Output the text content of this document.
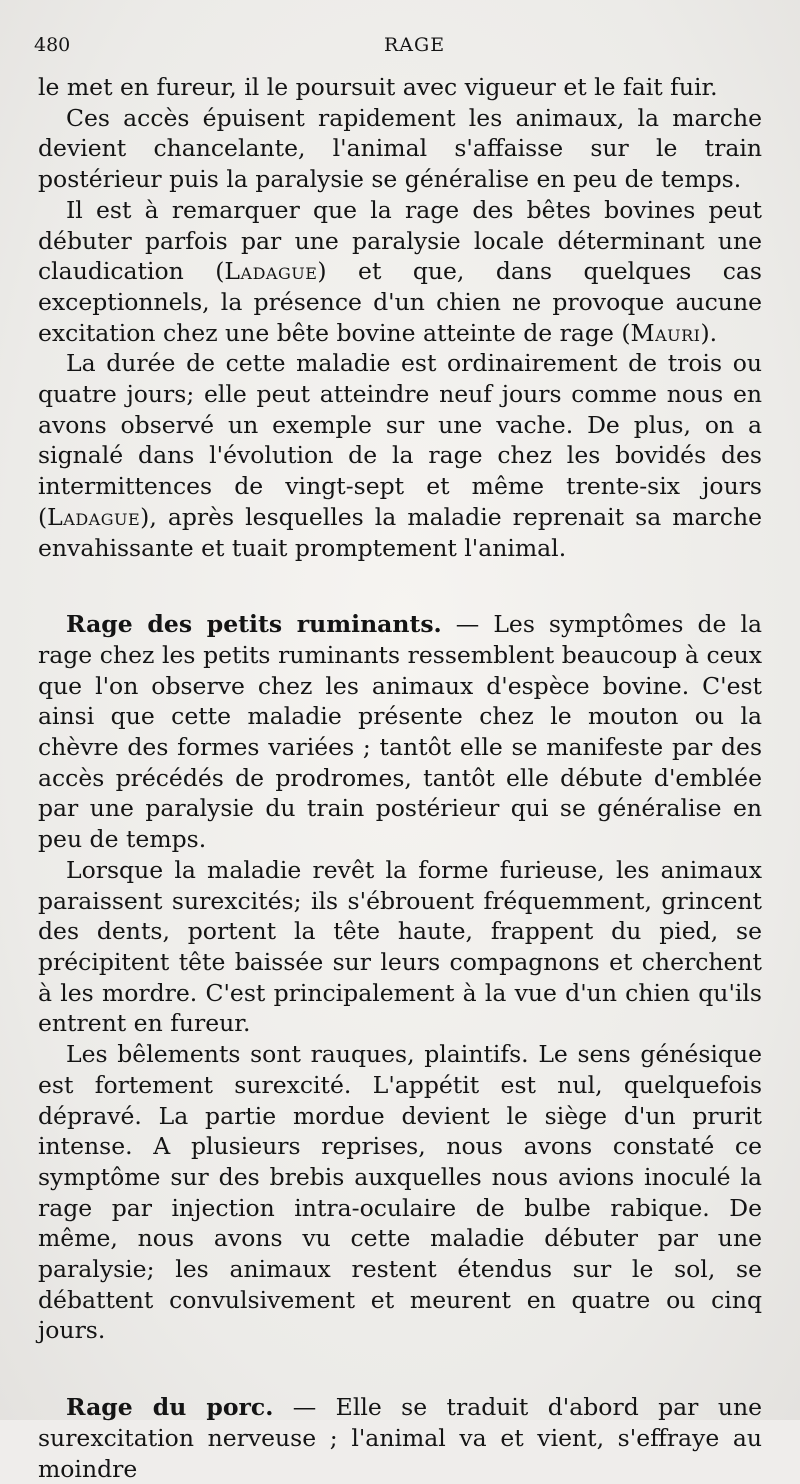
480	RAGE

le met en fureur, il le poursuit avec vigueur et le fait fuir.

Ces accès épuisent rapidement les animaux, la marche devient chancelante, l'animal s'affaisse sur le train postérieur puis la paralysie se généralise en peu de temps.

Il est à remarquer que la rage des bêtes bovines peut débuter parfois par une paralysie locale déterminant une claudication (Ladague) et que, dans quelques cas exceptionnels, la présence d'un chien ne provoque aucune excitation chez une bête bovine atteinte de rage (Mauri).

La durée de cette maladie est ordinairement de trois ou quatre jours; elle peut atteindre neuf jours comme nous en avons observé un exemple sur une vache. De plus, on a signalé dans l'évolution de la rage chez les bovidés des intermittences de vingt-sept et même trente-six jours (Ladague), après lesquelles la maladie reprenait sa marche envahissante et tuait promptement l'animal.

Rage des petits ruminants. — Les symptômes de la rage chez les petits ruminants ressemblent beaucoup à ceux que l'on observe chez les animaux d'espèce bovine. C'est ainsi que cette maladie présente chez le mouton ou la chèvre des formes variées ; tantôt elle se manifeste par des accès précédés de prodromes, tantôt elle débute d'emblée par une paralysie du train postérieur qui se généralise en peu de temps.

Lorsque la maladie revêt la forme furieuse, les animaux paraissent surexcités; ils s'ébrouent fréquemment, grincent des dents, portent la tête haute, frappent du pied, se précipitent tête baissée sur leurs compagnons et cherchent à les mordre. C'est principalement à la vue d'un chien qu'ils entrent en fureur.

Les bêlements sont rauques, plaintifs. Le sens génésique est fortement surexcité. L'appétit est nul, quelquefois dépravé. La partie mordue devient le siège d'un prurit intense. A plusieurs reprises, nous avons constaté ce symptôme sur des brebis auxquelles nous avions inoculé la rage par injection intra-oculaire de bulbe rabique. De même, nous avons vu cette maladie débuter par une paralysie; les animaux restent étendus sur le sol, se débattent convulsivement et meurent en quatre ou cinq jours.

Rage du porc. — Elle se traduit d'abord par une surexcitation nerveuse ; l'animal va et vient, s'effraye au moindre
